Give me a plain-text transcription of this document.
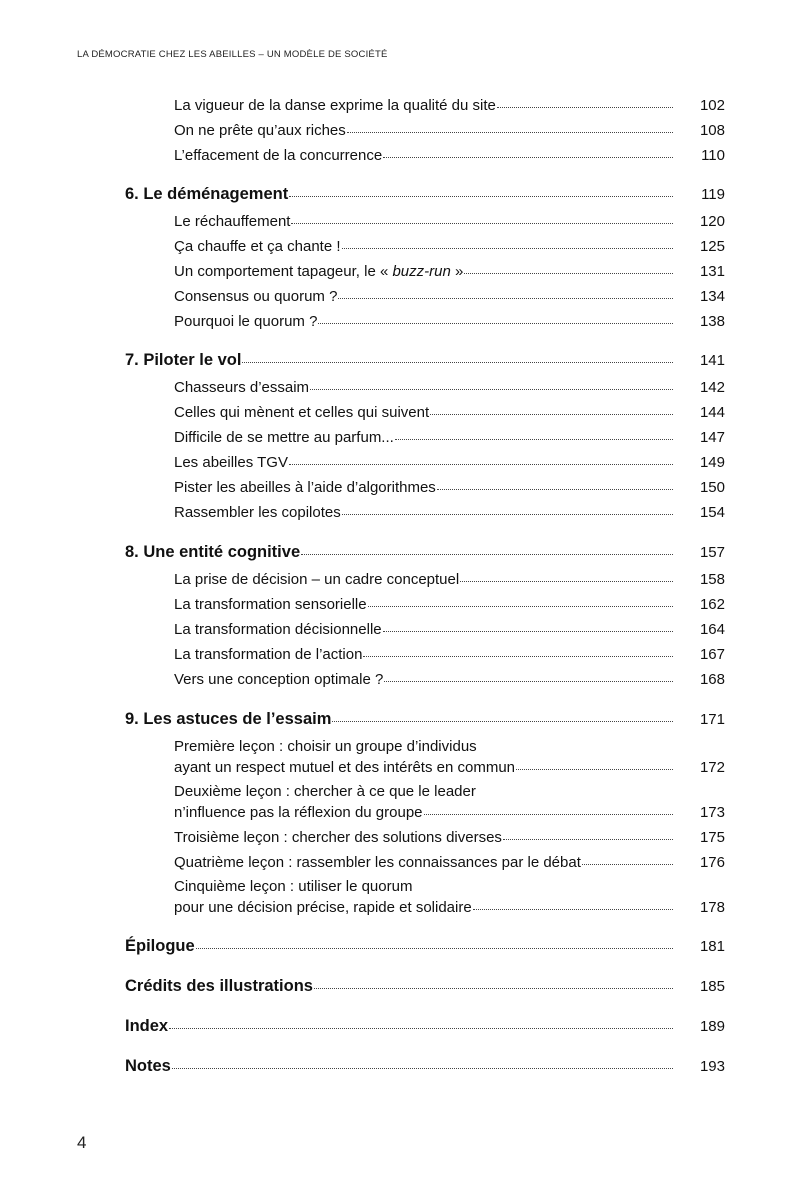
LA DÉMOCRATIE CHEZ LES ABEILLES – UN MODÈLE DE SOCIÉTÉ
La vigueur de la danse exprime la qualité du site	102
On ne prête qu’aux riches	108
L’effacement de la concurrence	110
6. Le déménagement	119
Le réchauffement	120
Ça chauffe et ça chante !	125
Un comportement tapageur, le « buzz-run »	131
Consensus ou quorum ?	134
Pourquoi le quorum ?	138
7. Piloter le vol	141
Chasseurs d’essaim	142
Celles qui mènent et celles qui suivent	144
Difficile de se mettre au parfum...	147
Les abeilles TGV	149
Pister les abeilles à l’aide d’algorithmes	150
Rassembler les copilotes	154
8. Une entité cognitive	157
La prise de décision – un cadre conceptuel	158
La transformation sensorielle	162
La transformation décisionnelle	164
La transformation de l’action	167
Vers une conception optimale ?	168
9. Les astuces de l’essaim	171
Première leçon : choisir un groupe d’individus
ayant un respect mutuel et des intérêts en commun	172
Deuxième leçon : chercher à ce que le leader
n’influence pas la réflexion du groupe	173
Troisième leçon : chercher des solutions diverses	175
Quatrième leçon : rassembler les connaissances par le débat	176
Cinquième leçon : utiliser le quorum
pour une décision précise, rapide et solidaire	178
Épilogue	181
Crédits des illustrations	185
Index	189
Notes	193
4
